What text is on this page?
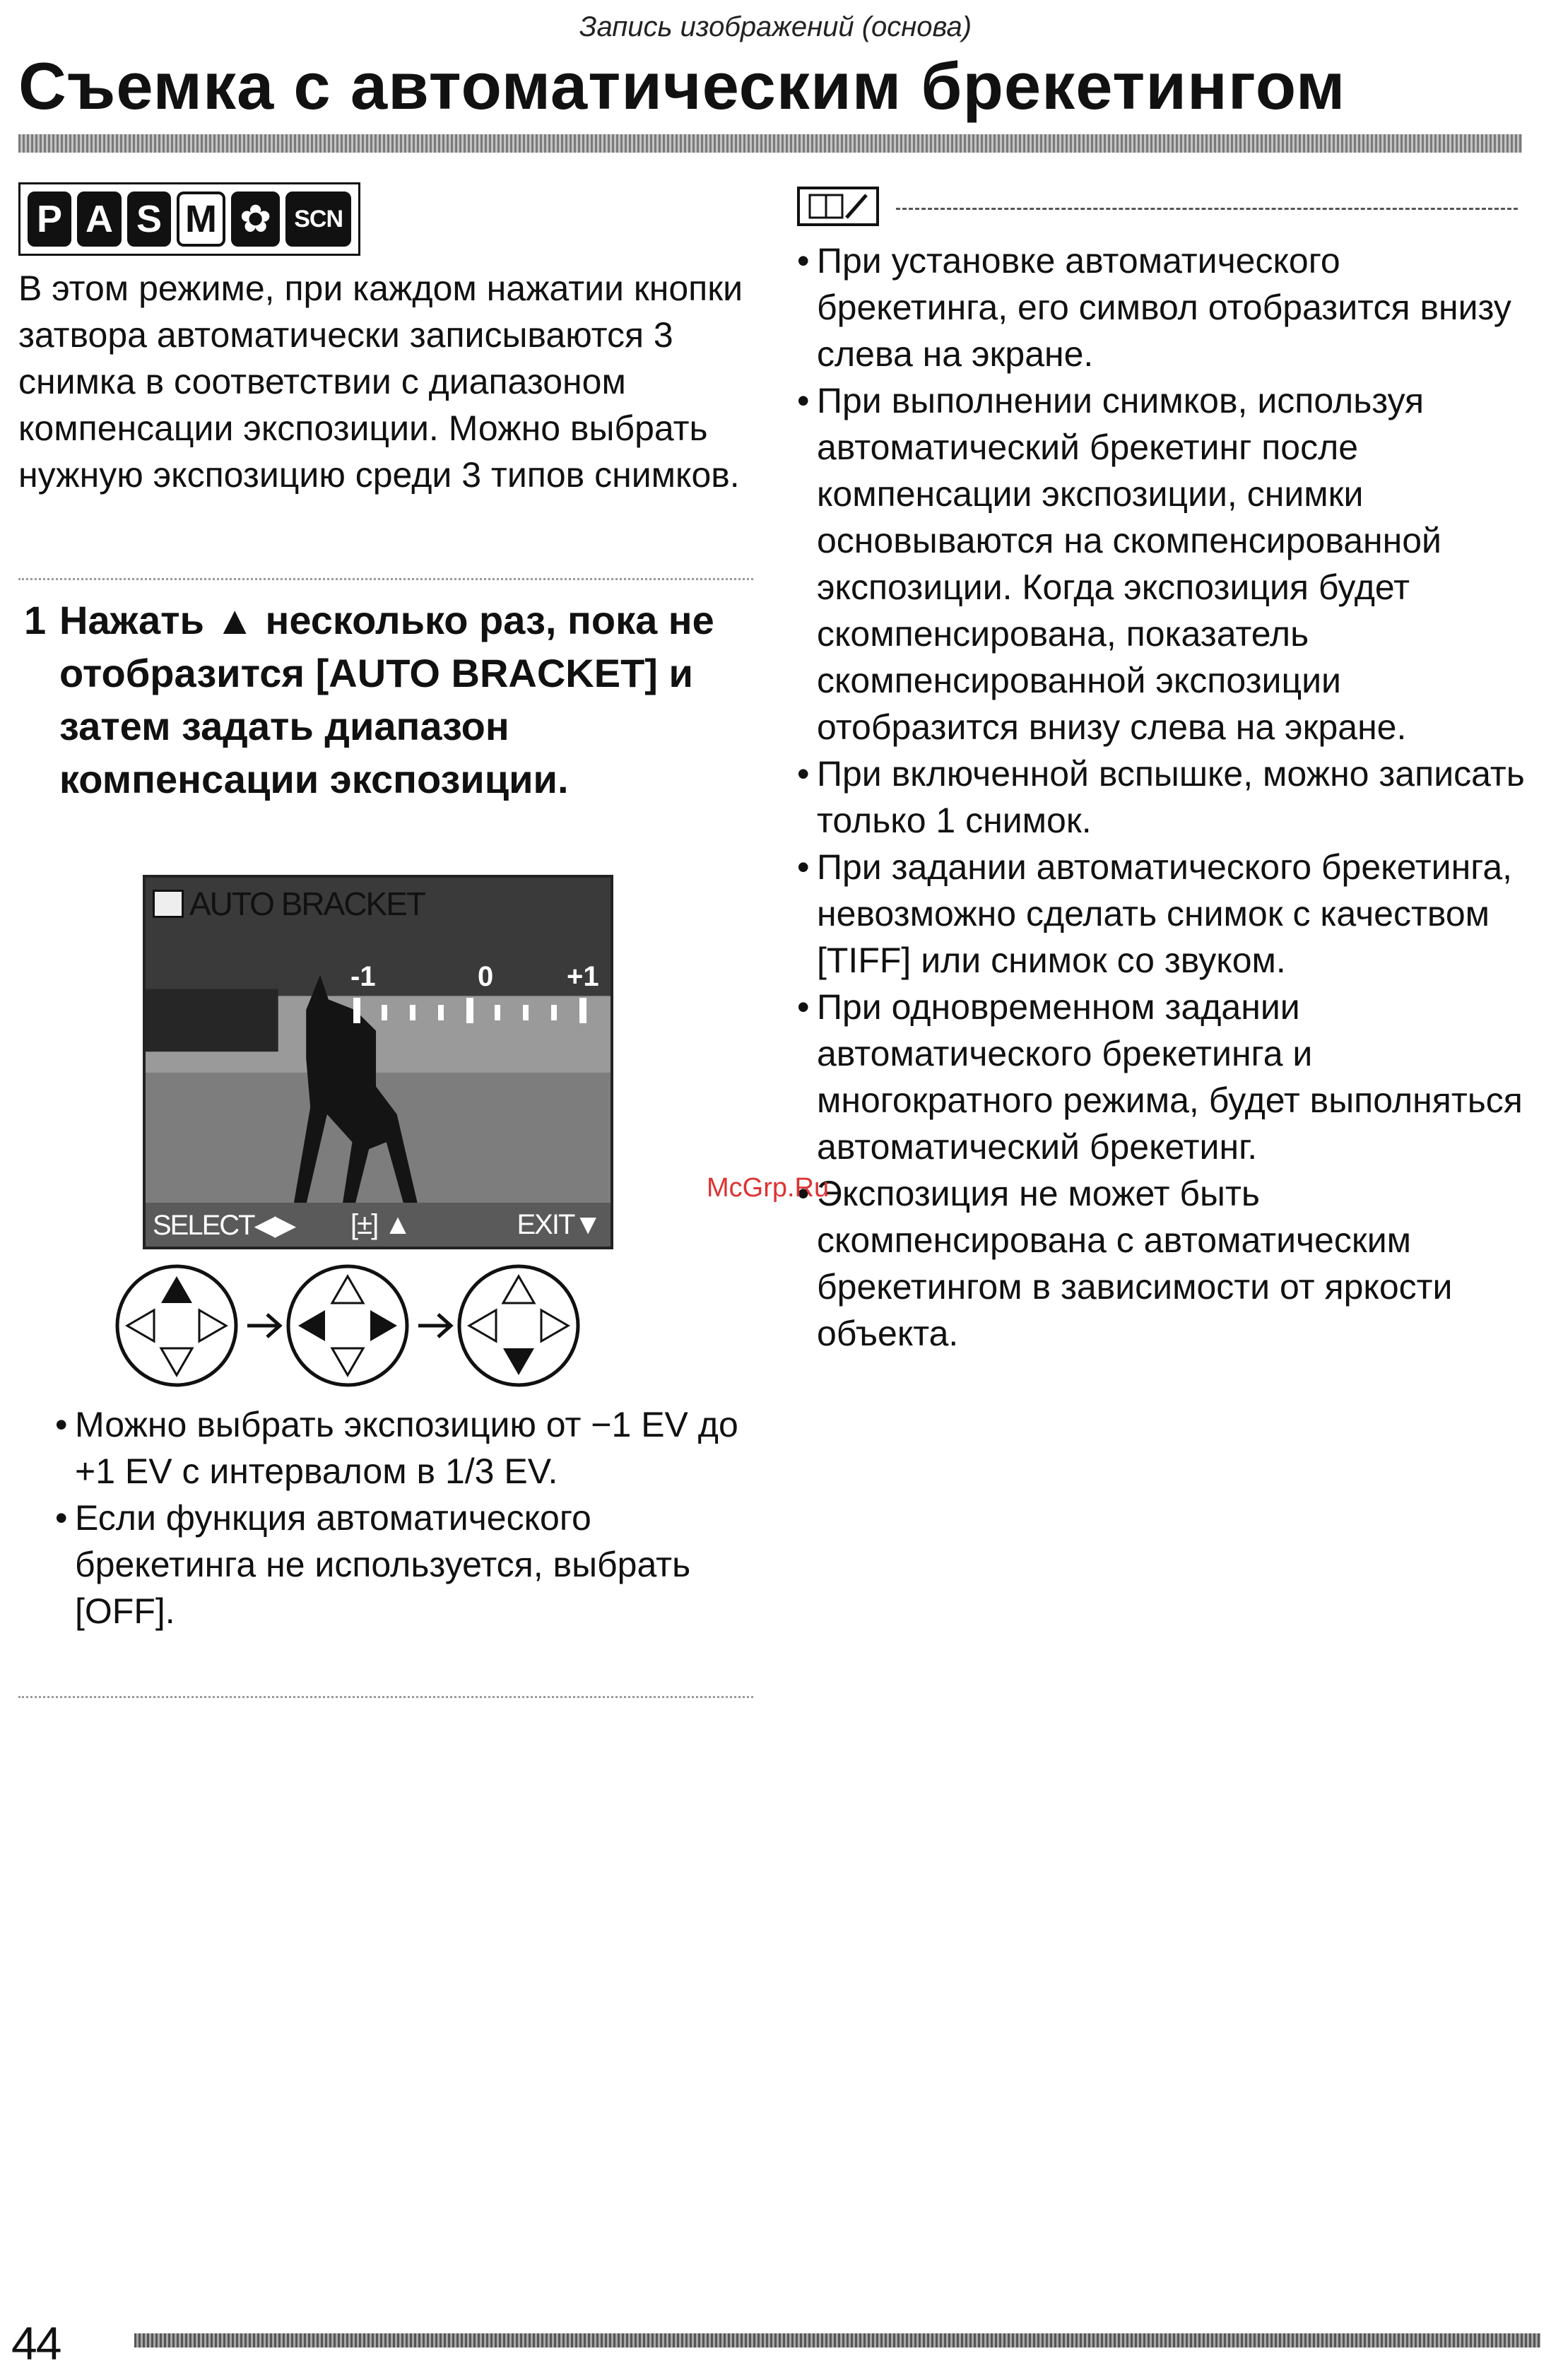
Запись изображений (основа)
Съемка с автоматическим брекетингом
P A S M ✿ SCN

В этом режиме, при каждом нажатии кнопки затвора автоматически записываются 3 снимка в соответствии с диапазоном компенсации экспозиции. Можно выбрать нужную экспозицию среди 3 типов снимков.

1 Нажать ▲ несколько раз, пока не отобразится [AUTO BRACKET] и затем задать диапазон компенсации экспозиции.
AUTO BRACKET
-1	0	+1
SELECT◀▶ [±] ▲	EXIT▼
• Можно выбрать экспозицию от −1 EV до +1 EV с интервалом в 1/3 EV.
• Если функция автоматического брекетинга не используется, выбрать [OFF].
• При установке автоматического брекетинга, его символ отобразится внизу слева на экране.
• При выполнении снимков, используя автоматический брекетинг после компенсации экспозиции, снимки основываются на скомпенсированной экспозиции. Когда экспозиция будет скомпенсирована, показатель скомпенсированной экспозиции отобразится внизу слева на экране.
• При включенной вспышке, можно записать только 1 снимок.
• При задании автоматического брекетинга, невозможно сделать снимок с качеством [TIFF] или снимок со звуком.
• При одновременном задании автоматического брекетинга и многократного режима, будет выполняться автоматический брекетинг.
• Экспозиция не может быть скомпенсирована с автоматическим брекетингом в зависимости от яркости объекта.
McGrp.Ru
44
